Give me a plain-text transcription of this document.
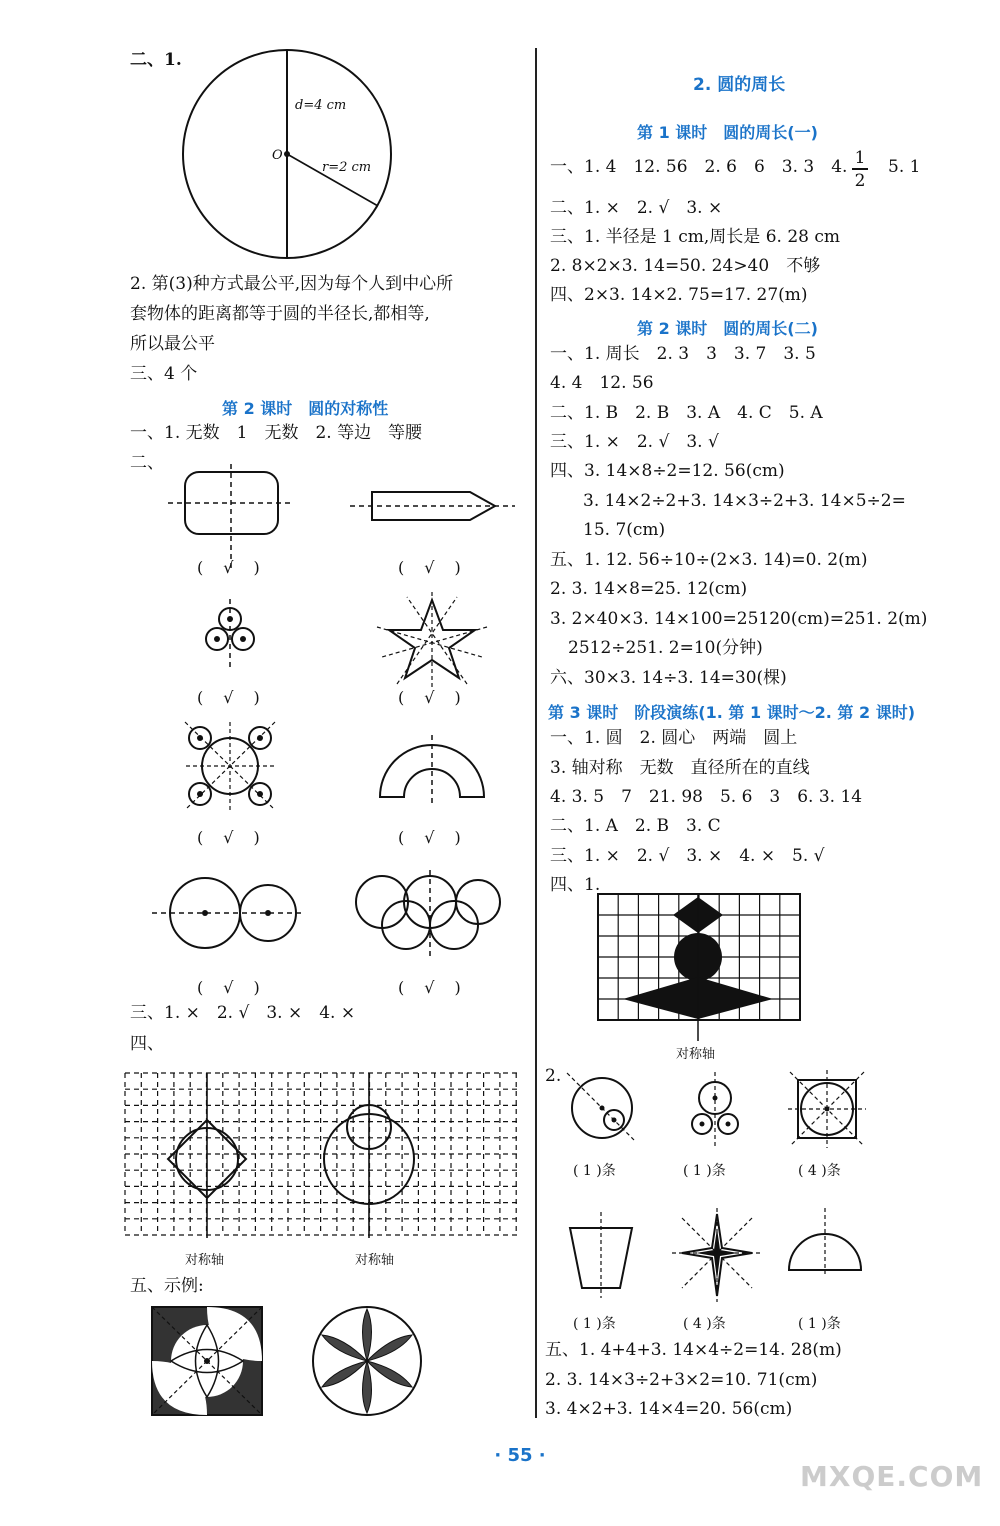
二、1.
d=4 cm
O
r=2 cm
2. 第(3)种方式最公平,因为每个人到中心所
套物体的距离都等于圆的半径长,都相等,
所以最公平
三、4 个
第 2 课时　圆的对称性
一、1. 无数　1　无数　2. 等边　等腰
二、
(　√　)	(　√　)
(　√　)	(　√　)
(　√　)	(　√　)
(　√　)	(　√　)
三、1. ×　2. √　3. ×　4. ×
四、
对称轴	对称轴
五、示例:
2. 圆的周长
第 1 课时　圆的周长(一)
一、1. 4　12. 56　2. 6　6　3. 3　4. 1
2
5. 1
二、1. ×　2. √　3. ×
三、1. 半径是 1 cm,周长是 6. 28 cm
2. 8×2×3. 14=50. 24>40　不够
四、2×3. 14×2. 75=17. 27(m)
第 2 课时　圆的周长(二)
一、1. 周长　2. 3　3　3. 7　3. 5
4. 4　12. 56
二、1. B　2. B　3. A　4. C　5. A
三、1. ×　2. √　3. √
四、3. 14×8÷2=12. 56(cm)
3. 14×2÷2+3. 14×3÷2+3. 14×5÷2=
15. 7(cm)
五、1. 12. 56÷10÷(2×3. 14)=0. 2(m)
2. 3. 14×8=25. 12(cm)
3. 2×40×3. 14×100=25120(cm)=251. 2(m)
2512÷251. 2=10(分钟)
六、30×3. 14÷3. 14=30(棵)
第 3 课时　阶段演练(1. 第 1 课时～2. 第 2 课时)
一、1. 圆　2. 圆心　两端　圆上
3. 轴对称　无数　直径所在的直线
4. 3. 5　7　21. 98　5. 6　3　6. 3. 14
二、1. A　2. B　3. C
三、1. ×　2. √　3. ×　4. ×　5. √
四、1.
对称轴
2.
( 1 )条	( 1 )条	( 4 )条
( 1 )条	( 4 )条	( 1 )条
五、1. 4+4+3. 14×4÷2=14. 28(m)
2. 3. 14×3÷2+3×2=10. 71(cm)
3. 4×2+3. 14×4=20. 56(cm)
· 55 ·
MXQE.COM
